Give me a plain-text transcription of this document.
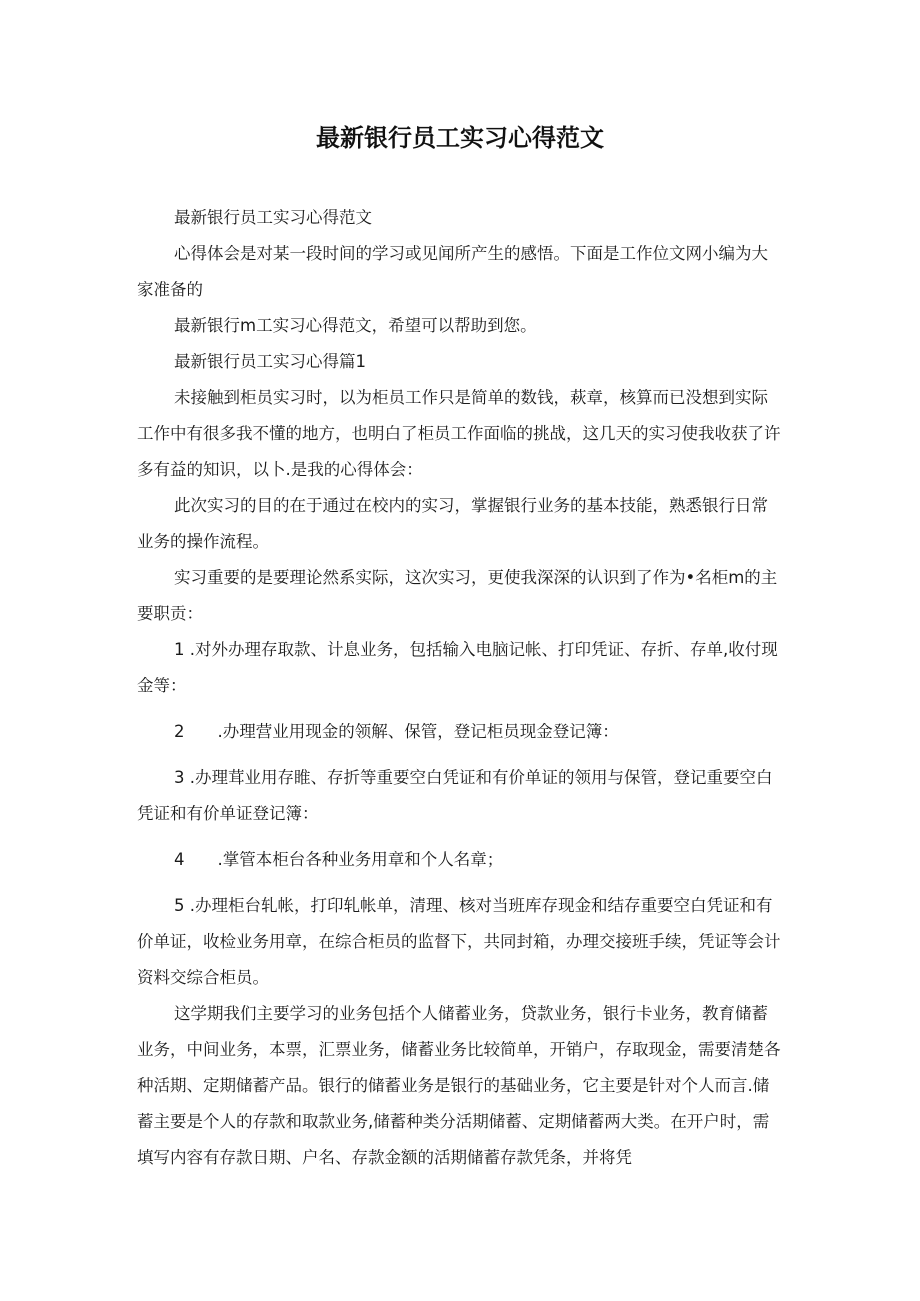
最新银行员工实习心得范文

最新银行员工实习心得范文

心得体会是对某一段时间的学习或见闻所产生的感悟。下面是工作位文网小编为大家准备的

最新银行m工实习心得范文，希望可以帮助到您。

最新银行员工实习心得篇1

未接触到柜员实习时，以为柜员工作只是简单的数钱，萩章，核算而已没想到实际工作中有很多我不懂的地方，也明白了柜员工作面临的挑战，这几天的实习使我收获了许多有益的知识，以卜.是我的心得体会：

此次实习的目的在于通过在校内的实习，掌握银行业务的基本技能，熟悉银行日常业务的操作流程。

实习重要的是要理论然系实际，这次实习，更使我深深的认识到了作为•名柜m的主要职贡：

1 .对外办理存取款、计息业务，包括输入电脑记帐、打印凭证、存折、存单,收付现金等：

2　　.办理营业用现金的领解、保管，登记柜员现金登记簿：

3 .办理茸业用存睢、存折等重要空白凭证和有价单证的领用与保管，登记重要空白凭证和有价单证登记簿：

4　　.掌管本柜台各种业务用章和个人名章；

5 .办理柜台轧帐，打印轧帐单，清理、核对当班库存现金和结存重要空白凭证和有价单证，收检业务用章，在综合柜员的监督下，共同封箱，办理交接班手续，凭证等会计资料交综合柜员。

这学期我们主要学习的业务包括个人储蓄业务，贷款业务，银行卡业务，教育储蓄业务，中间业务，本票，汇票业务，储蓄业务比较简单，开销户，存取现金，需要清楚各种活期、定期储蓄产品。银行的储蓄业务是银行的基础业务，它主要是针对个人而言.储蓄主要是个人的存款和取款业务,储蓄种类分活期储蓄、定期储蓄两大类。在开户时，需填写内容有存款日期、户名、存款金额的活期储蓄存款凭条，并将凭
